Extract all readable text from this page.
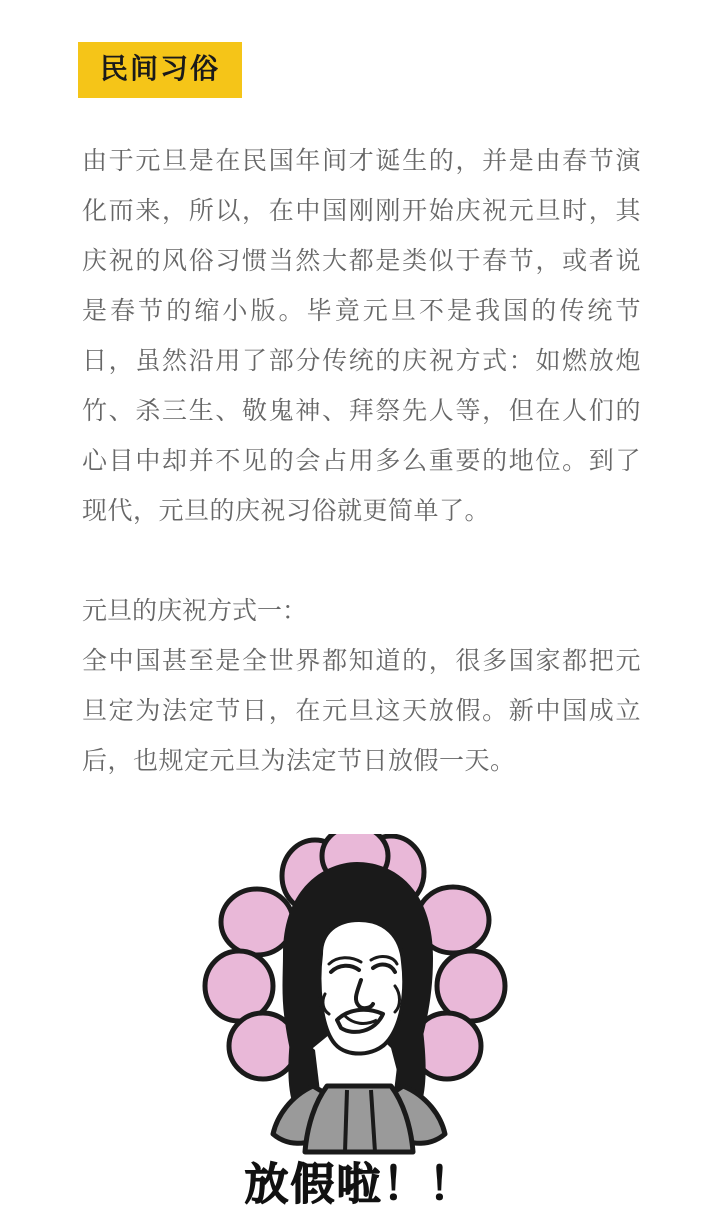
民间习俗

由于元旦是在民国年间才诞生的，并是由春节演化而来，所以，在中国刚刚开始庆祝元旦时，其庆祝的风俗习惯当然大都是类似于春节，或者说是春节的缩小版。毕竟元旦不是我国的传统节日，虽然沿用了部分传统的庆祝方式：如燃放炮竹、杀三生、敬鬼神、拜祭先人等，但在人们的心目中却并不见的会占用多么重要的地位。到了现代，元旦的庆祝习俗就更简单了。

元旦的庆祝方式一：

全中国甚至是全世界都知道的，很多国家都把元旦定为法定节日，在元旦这天放假。新中国成立后，也规定元旦为法定节日放假一天。

放假啦！！
